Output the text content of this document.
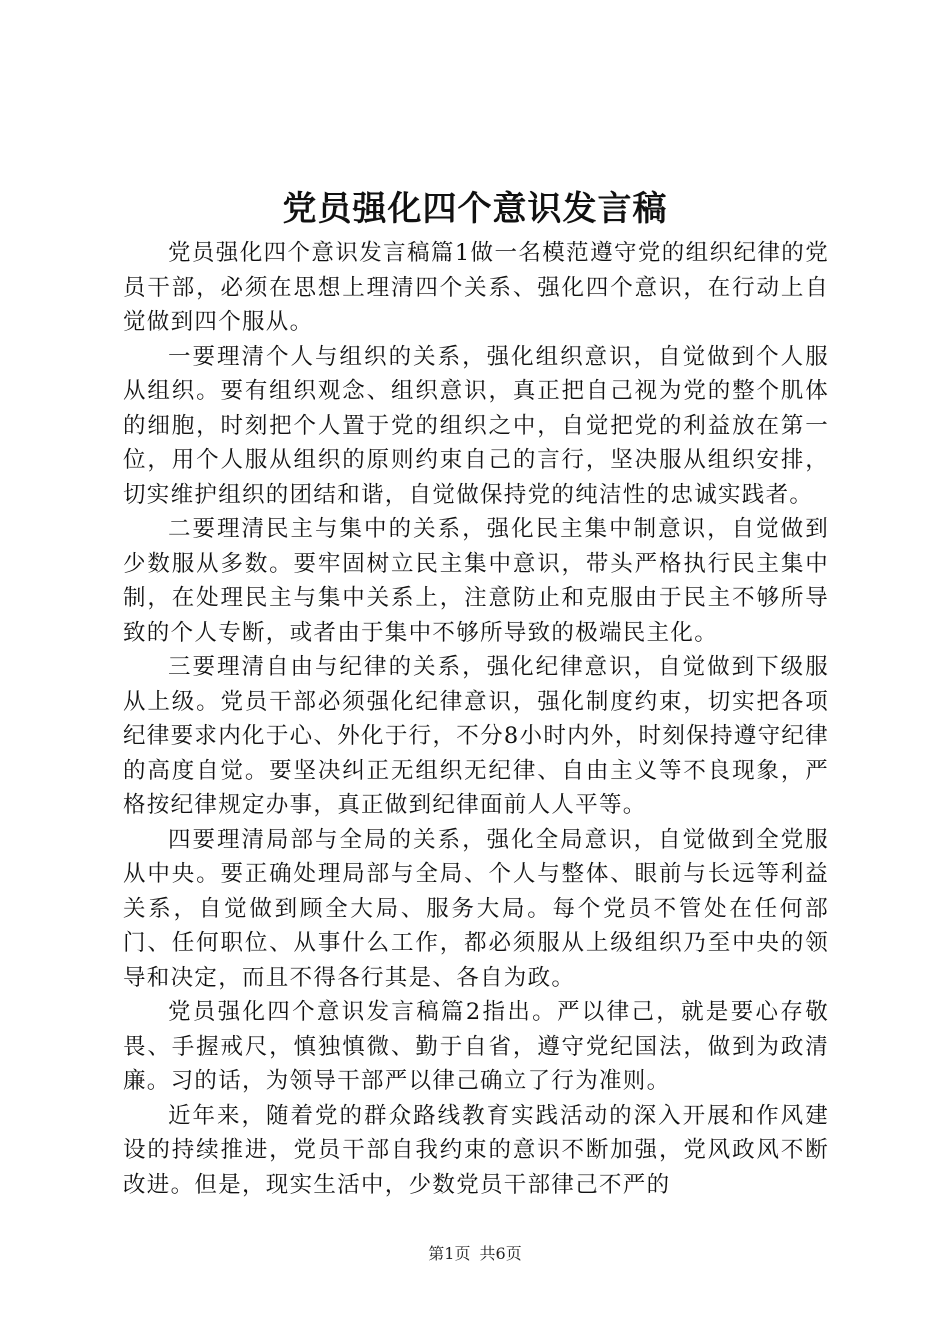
党员强化四个意识发言稿

党员强化四个意识发言稿篇1做一名模范遵守党的组织纪律的党员干部，必须在思想上理清四个关系、强化四个意识，在行动上自觉做到四个服从。

一要理清个人与组织的关系，强化组织意识，自觉做到个人服从组织。要有组织观念、组织意识，真正把自己视为党的整个肌体的细胞，时刻把个人置于党的组织之中，自觉把党的利益放在第一位，用个人服从组织的原则约束自己的言行，坚决服从组织安排，切实维护组织的团结和谐，自觉做保持党的纯洁性的忠诚实践者。

二要理清民主与集中的关系，强化民主集中制意识，自觉做到少数服从多数。要牢固树立民主集中意识，带头严格执行民主集中制，在处理民主与集中关系上，注意防止和克服由于民主不够所导致的个人专断，或者由于集中不够所导致的极端民主化。

三要理清自由与纪律的关系，强化纪律意识，自觉做到下级服从上级。党员干部必须强化纪律意识，强化制度约束，切实把各项纪律要求内化于心、外化于行，不分8小时内外，时刻保持遵守纪律的高度自觉。要坚决纠正无组织无纪律、自由主义等不良现象，严格按纪律规定办事，真正做到纪律面前人人平等。

四要理清局部与全局的关系，强化全局意识，自觉做到全党服从中央。要正确处理局部与全局、个人与整体、眼前与长远等利益关系，自觉做到顾全大局、服务大局。每个党员不管处在任何部门、任何职位、从事什么工作，都必须服从上级组织乃至中央的领导和决定，而且不得各行其是、各自为政。

党员强化四个意识发言稿篇2指出。严以律己，就是要心存敬畏、手握戒尺，慎独慎微、勤于自省，遵守党纪国法，做到为政清廉。习的话，为领导干部严以律己确立了行为准则。

近年来，随着党的群众路线教育实践活动的深入开展和作风建设的持续推进，党员干部自我约束的意识不断加强，党风政风不断改进。但是，现实生活中，少数党员干部律己不严的

第1页 共6页
